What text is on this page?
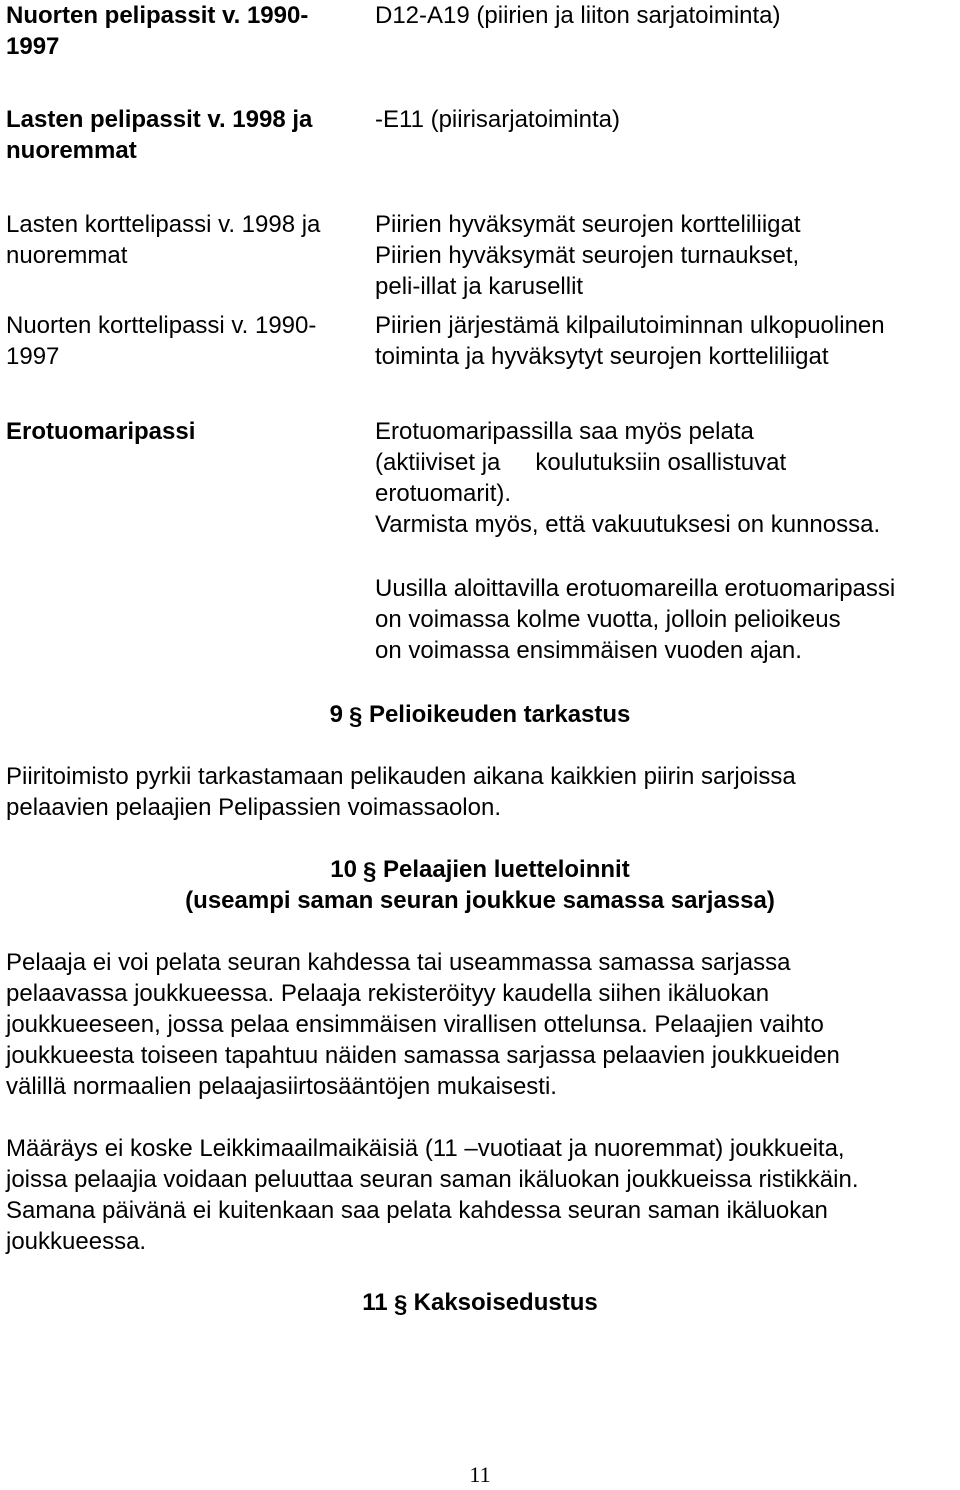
Nuorten pelipassit v. 1990-
1997
D12-A19 (piirien ja liiton sarjatoiminta)
Lasten pelipassit v. 1998 ja
nuoremmat
-E11 (piirisarjatoiminta)
Lasten korttelipassi v. 1998 ja
nuoremmat
Piirien hyväksymät seurojen kortteliliigat
Piirien hyväksymät seurojen turnaukset,
peli-illat ja karusellit
Nuorten korttelipassi v. 1990-
1997
Piirien järjestämä kilpailutoiminnan ulkopuolinen
toiminta ja hyväksytyt seurojen kortteliliigat
Erotuomaripassi	Erotuomaripassilla saa myös pelata
(aktiiviset ja koulutuksiin osallistuvat
erotuomarit).
Varmista myös, että vakuutuksesi on kunnossa.
Uusilla aloittavilla erotuomareilla erotuomaripassi
on voimassa kolme vuotta, jolloin pelioikeus
on voimassa ensimmäisen vuoden ajan.
9 § Pelioikeuden tarkastus
Piiritoimisto pyrkii tarkastamaan pelikauden aikana kaikkien piirin sarjoissa
pelaavien pelaajien Pelipassien voimassaolon.
10 § Pelaajien luetteloinnit
(useampi saman seuran joukkue samassa sarjassa)
Pelaaja ei voi pelata seuran kahdessa tai useammassa samassa sarjassa
pelaavassa joukkueessa. Pelaaja rekisteröityy kaudella siihen ikäluokan
joukkueeseen, jossa pelaa ensimmäisen virallisen ottelunsa. Pelaajien vaihto
joukkueesta toiseen tapahtuu näiden samassa sarjassa pelaavien joukkueiden
välillä normaalien pelaajasiirtosääntöjen mukaisesti.
Määräys ei koske Leikkimaailmaikäisiä (11 –vuotiaat ja nuoremmat) joukkueita,
joissa pelaajia voidaan peluuttaa seuran saman ikäluokan joukkueissa ristikkäin.
Samana päivänä ei kuitenkaan saa pelata kahdessa seuran saman ikäluokan
joukkueessa.
11 § Kaksoisedustus
11
